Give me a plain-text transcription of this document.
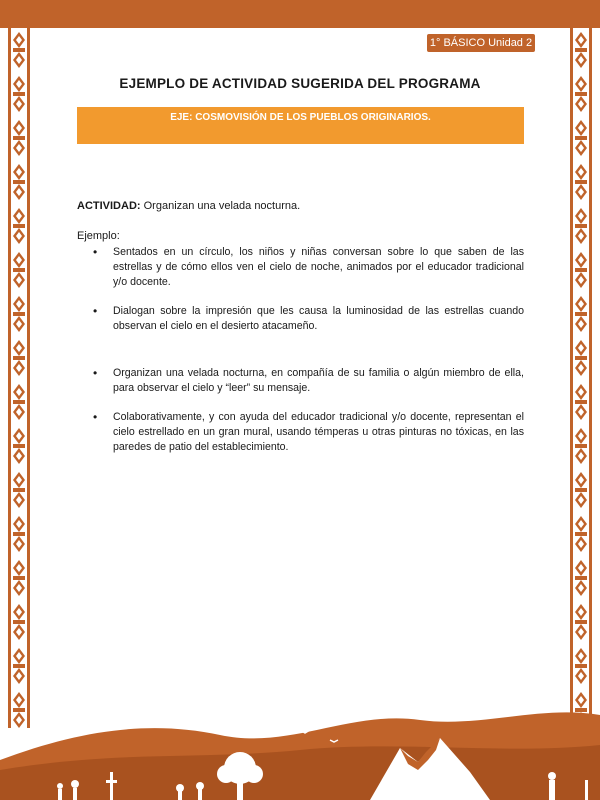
1° BÁSICO Unidad 2
EJEMPLO DE ACTIVIDAD SUGERIDA DEL PROGRAMA
EJE: COSMOVISIÓN DE LOS PUEBLOS ORIGINARIOS.
ACTIVIDAD: Organizan una velada nocturna.
Ejemplo:
• Sentados en un círculo, los niños y niñas conversan sobre lo que saben de las estrellas y de cómo ellos ven el cielo de noche, animados por el educador tradicional y/o docente.
• Dialogan sobre la impresión que les causa la luminosidad de las estrellas cuando observan el cielo en el desierto atacameño.
• Organizan una velada nocturna, en compañía de su familia o algún miembro de ella, para observar el cielo y “leer” su mensaje.
• Colaborativamente, y con ayuda del educador tradicional y/o docente, representan el cielo estrellado en un gran mural, usando témperas u otras pinturas no tóxicas, en las paredes de patio del establecimiento.
